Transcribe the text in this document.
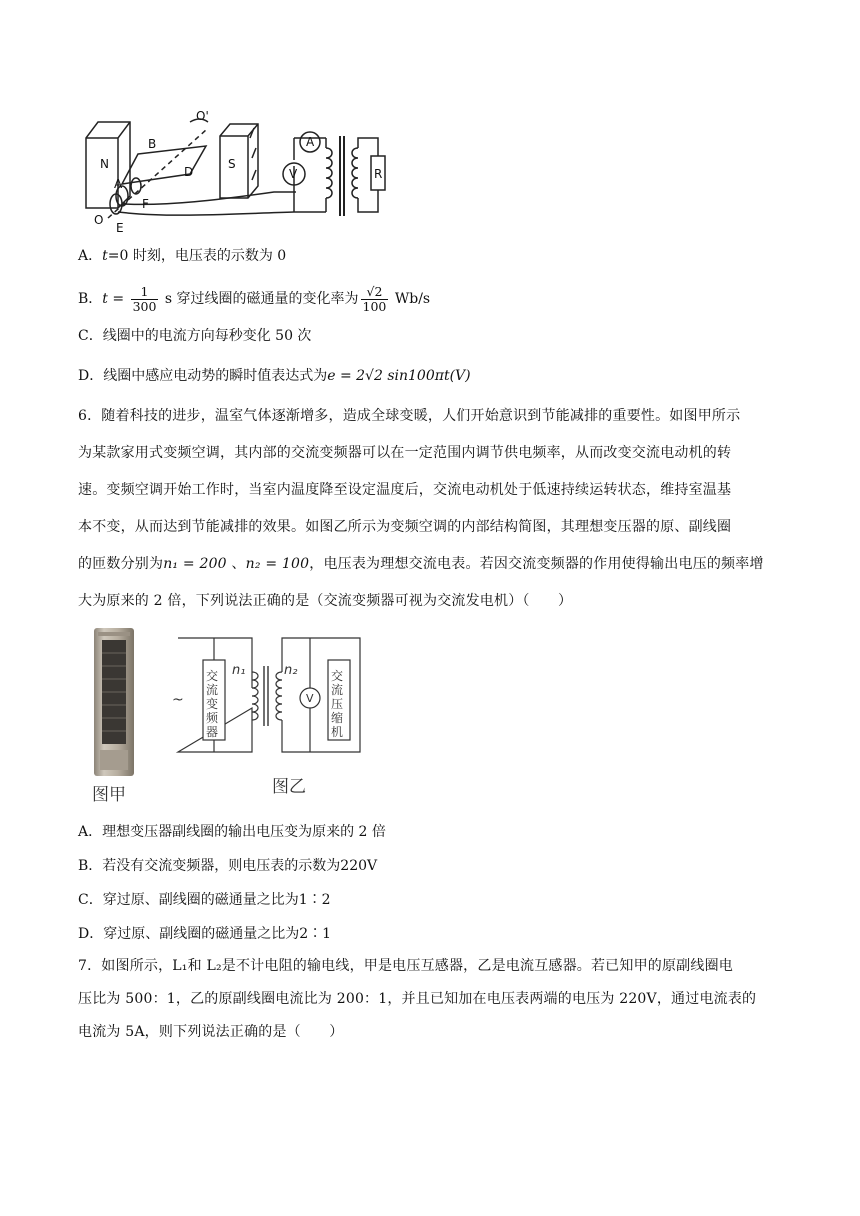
N	S
B
D
A
F
O
E
O'
A
V	R
A．t=0 时刻，电压表的示数为 0
B．$t = \frac{1}{300}$ s 穿过线圈的磁通量的变化率为 $\frac{√2}{100} Wb/s$
C．线圈中的电流方向每秒变化 50 次
D．线圈中感应电动势的瞬时值表达式为e = 2√2 sin100πt(V)
6．随着科技的进步，温室气体逐渐增多，造成全球变暖，人们开始意识到节能减排的重要性。如图甲所示
为某款家用式变频空调，其内部的交流变频器可以在一定范围内调节供电频率，从而改变交流电动机的转
速。变频空调开始工作时，当室内温度降至设定温度后，交流电动机处于低速持续运转状态，维持室温基
本不变，从而达到节能减排的效果。如图乙所示为变频空调的内部结构简图，其理想变压器的原、副线圈
的匝数分别为n₁ = 200 、n₂ = 100，电压表为理想交流电表。若因交流变频器的作用使得输出电压的频率增
大为原来的 2 倍，下列说法正确的是（交流变频器可视为交流发电机）（　　）
图甲
~
交
流
变
频
器
交
流
压
缩
机
n₁	n₂
V
图乙
A．理想变压器副线圈的输出电压变为原来的 2 倍
B．若没有交流变频器，则电压表的示数为220V
C．穿过原、副线圈的磁通量之比为1∶2
D．穿过原、副线圈的磁通量之比为2∶1
7．如图所示，L₁和 L₂是不计电阻的输电线，甲是电压互感器，乙是电流互感器。若已知甲的原副线圈电
压比为 500：1，乙的原副线圈电流比为 200：1，并且已知加在电压表两端的电压为 220V，通过电流表的
电流为 5A，则下列说法正确的是（　　）
